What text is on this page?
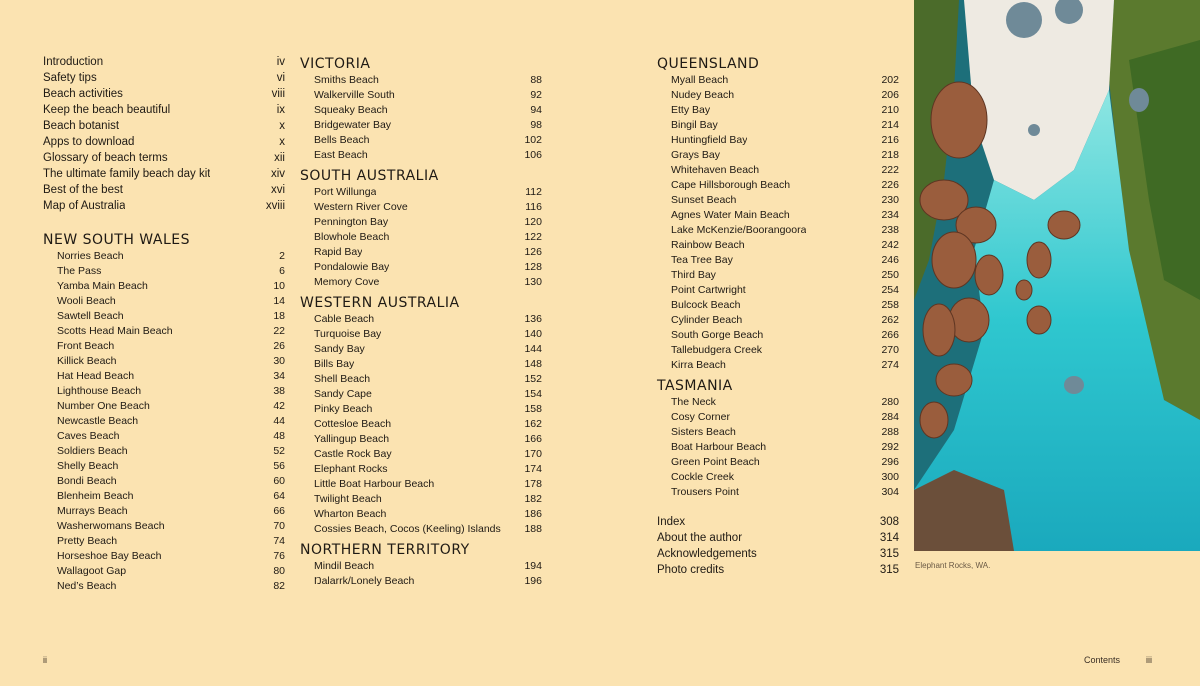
Introduction	iv
Safety tips	vi
Beach activities	viii
Keep the beach beautiful	ix
Beach botanist	x
Apps to download	x
Glossary of beach terms	xii
The ultimate family beach day kit	xiv
Best of the best	xvi
Map of Australia	xviii
NEW SOUTH WALES
Norries Beach	2
The Pass	6
Yamba Main Beach	10
Wooli Beach	14
Sawtell Beach	18
Scotts Head Main Beach	22
Front Beach	26
Killick Beach	30
Hat Head Beach	34
Lighthouse Beach	38
Number One Beach	42
Newcastle Beach	44
Caves Beach	48
Soldiers Beach	52
Shelly Beach	56
Bondi Beach	60
Blenheim Beach	64
Murrays Beach	66
Washerwomans Beach	70
Pretty Beach	74
Horseshoe Bay Beach	76
Wallagoot Gap	80
Ned’s Beach	82
VICTORIA
Smiths Beach	88
Walkerville South	92
Squeaky Beach	94
Bridgewater Bay	98
Bells Beach	102
East Beach	106
SOUTH AUSTRALIA
Port Willunga	112
Western River Cove	116
Pennington Bay	120
Blowhole Beach	122
Rapid Bay	126
Pondalowie Bay	128
Memory Cove	130
WESTERN AUSTRALIA
Cable Beach	136
Turquoise Bay	140
Sandy Bay	144
Bills Bay	148
Shell Beach	152
Sandy Cape	154
Pinky Beach	158
Cottesloe Beach	162
Yallingup Beach	166
Castle Rock Bay	170
Elephant Rocks	174
Little Boat Harbour Beach	178
Twilight Beach	182
Wharton Beach	186
Cossies Beach, Cocos (Keeling) Islands 188
NORTHERN TERRITORY
Mindil Beach	194
Ŋalarrk/Lonely Beach	196
QUEENSLAND
Myall Beach	202
Nudey Beach	206
Etty Bay	210
Bingil Bay	214
Huntingfield Bay	216
Grays Bay	218
Whitehaven Beach	222
Cape Hillsborough Beach	226
Sunset Beach	230
Agnes Water Main Beach	234
Lake McKenzie/Boorangoora	238
Rainbow Beach	242
Tea Tree Bay	246
Third Bay	250
Point Cartwright	254
Bulcock Beach	258
Cylinder Beach	262
South Gorge Beach	266
Tallebudgera Creek	270
Kirra Beach	274
TASMANIA
The Neck	280
Cosy Corner	284
Sisters Beach	288
Boat Harbour Beach	292
Green Point Beach	296
Cockle Creek	300
Trousers Point	304
Index	308
About the author	314
Acknowledgements	315
Photo credits	315 Elephant Rocks, WA.
ii	Contents	iii
